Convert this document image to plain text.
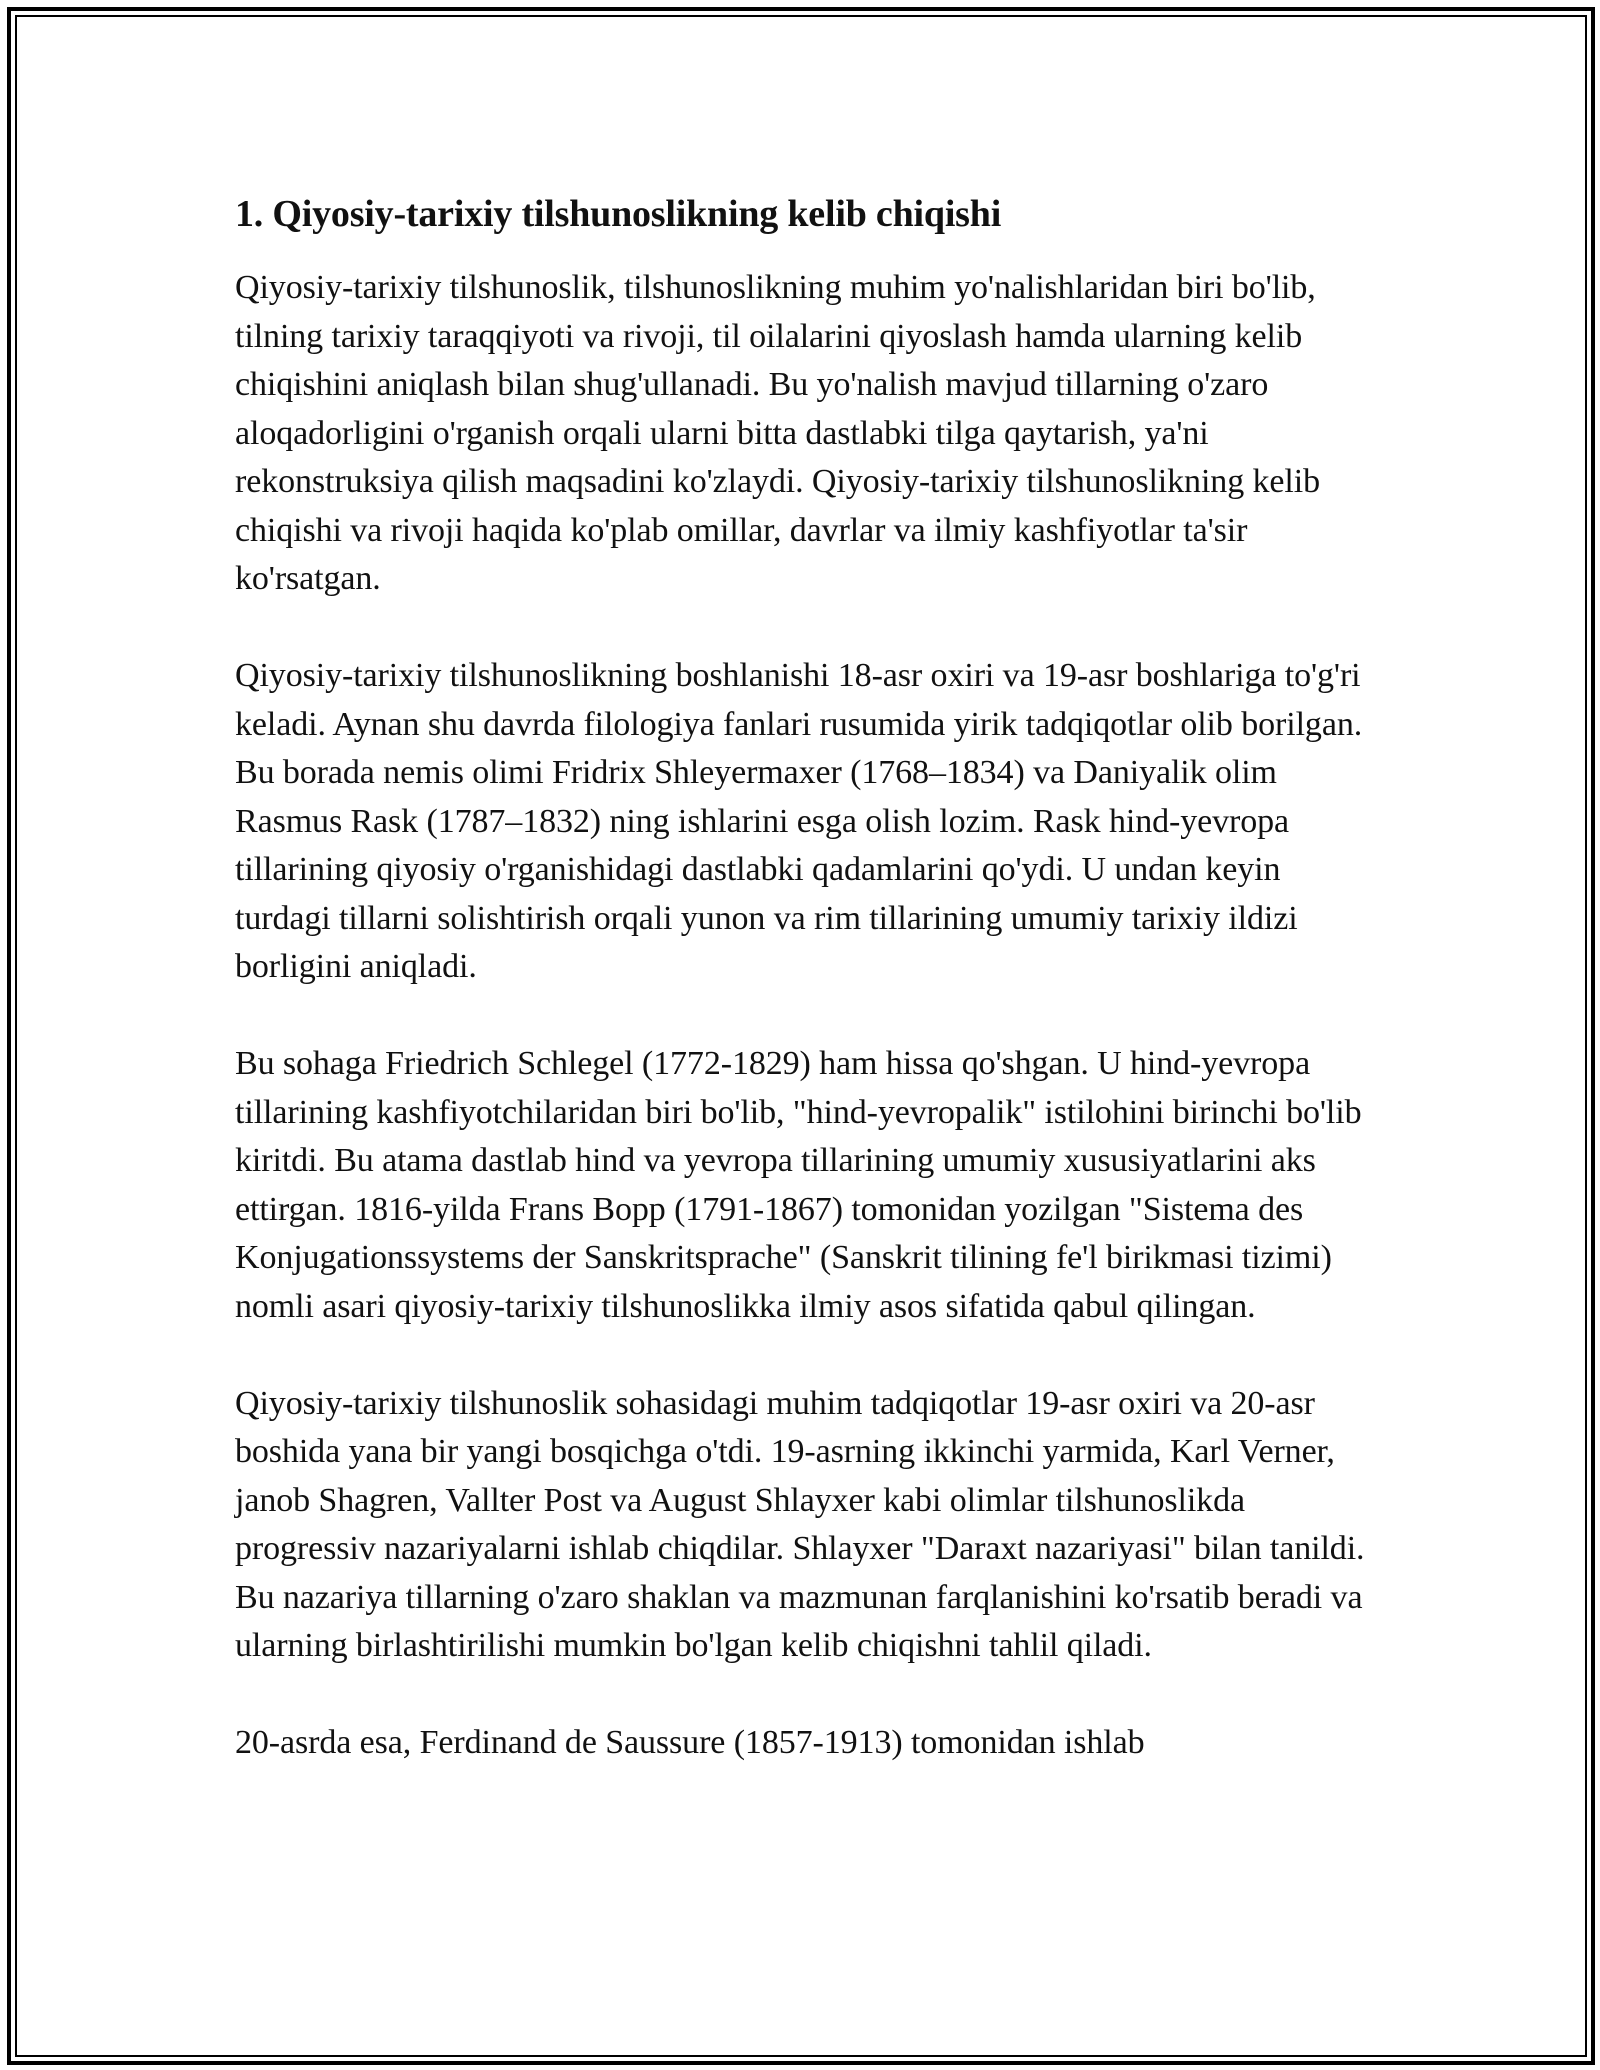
1. Qiyosiy-tarixiy tilshunoslikning kelib chiqishi

Qiyosiy-tarixiy tilshunoslik, tilshunoslikning muhim yo'nalishlaridan biri bo'lib, tilning tarixiy taraqqiyoti va rivoji, til oilalarini qiyoslash hamda ularning kelib chiqishini aniqlash bilan shug'ullanadi. Bu yo'nalish mavjud tillarning o'zaro aloqadorligini o'rganish orqali ularni bitta dastlabki tilga qaytarish, ya'ni rekonstruksiya qilish maqsadini ko'zlaydi. Qiyosiy-tarixiy tilshunoslikning kelib chiqishi va rivoji haqida ko'plab omillar, davrlar va ilmiy kashfiyotlar ta'sir ko'rsatgan.

Qiyosiy-tarixiy tilshunoslikning boshlanishi 18-asr oxiri va 19-asr boshlariga to'g'ri keladi. Aynan shu davrda filologiya fanlari rusumida yirik tadqiqotlar olib borilgan. Bu borada nemis olimi Fridrix Shleyermaxer (1768–1834) va Daniyalik olim Rasmus Rask (1787–1832) ning ishlarini esga olish lozim. Rask hind-yevropa tillarining qiyosiy o'rganishidagi dastlabki qadamlarini qo'ydi. U undan keyin turdagi tillarni solishtirish orqali yunon va rim tillarining umumiy tarixiy ildizi borligini aniqladi.

Bu sohaga Friedrich Schlegel (1772-1829) ham hissa qo'shgan. U hind-yevropa tillarining kashfiyotchilaridan biri bo'lib, "hind-yevropalik" istilohini birinchi bo'lib kiritdi. Bu atama dastlab hind va yevropa tillarining umumiy xususiyatlarini aks ettirgan. 1816-yilda Frans Bopp (1791-1867) tomonidan yozilgan "Sistema des Konjugationssystems der Sanskritsprache" (Sanskrit tilining fe'l birikmasi tizimi) nomli asari qiyosiy-tarixiy tilshunoslikka ilmiy asos sifatida qabul qilingan.

Qiyosiy-tarixiy tilshunoslik sohasidagi muhim tadqiqotlar 19-asr oxiri va 20-asr boshida yana bir yangi bosqichga o'tdi. 19-asrning ikkinchi yarmida, Karl Verner, janob Shagren, Vallter Post va August Shlayxer kabi olimlar tilshunoslikda progressiv nazariyalarni ishlab chiqdilar. Shlayxer "Daraxt nazariyasi" bilan tanildi. Bu nazariya tillarning o'zaro shaklan va mazmunan farqlanishini ko'rsatib beradi va ularning birlashtirilishi mumkin bo'lgan kelib chiqishni tahlil qiladi.

20-asrda esa, Ferdinand de Saussure (1857-1913) tomonidan ishlab
